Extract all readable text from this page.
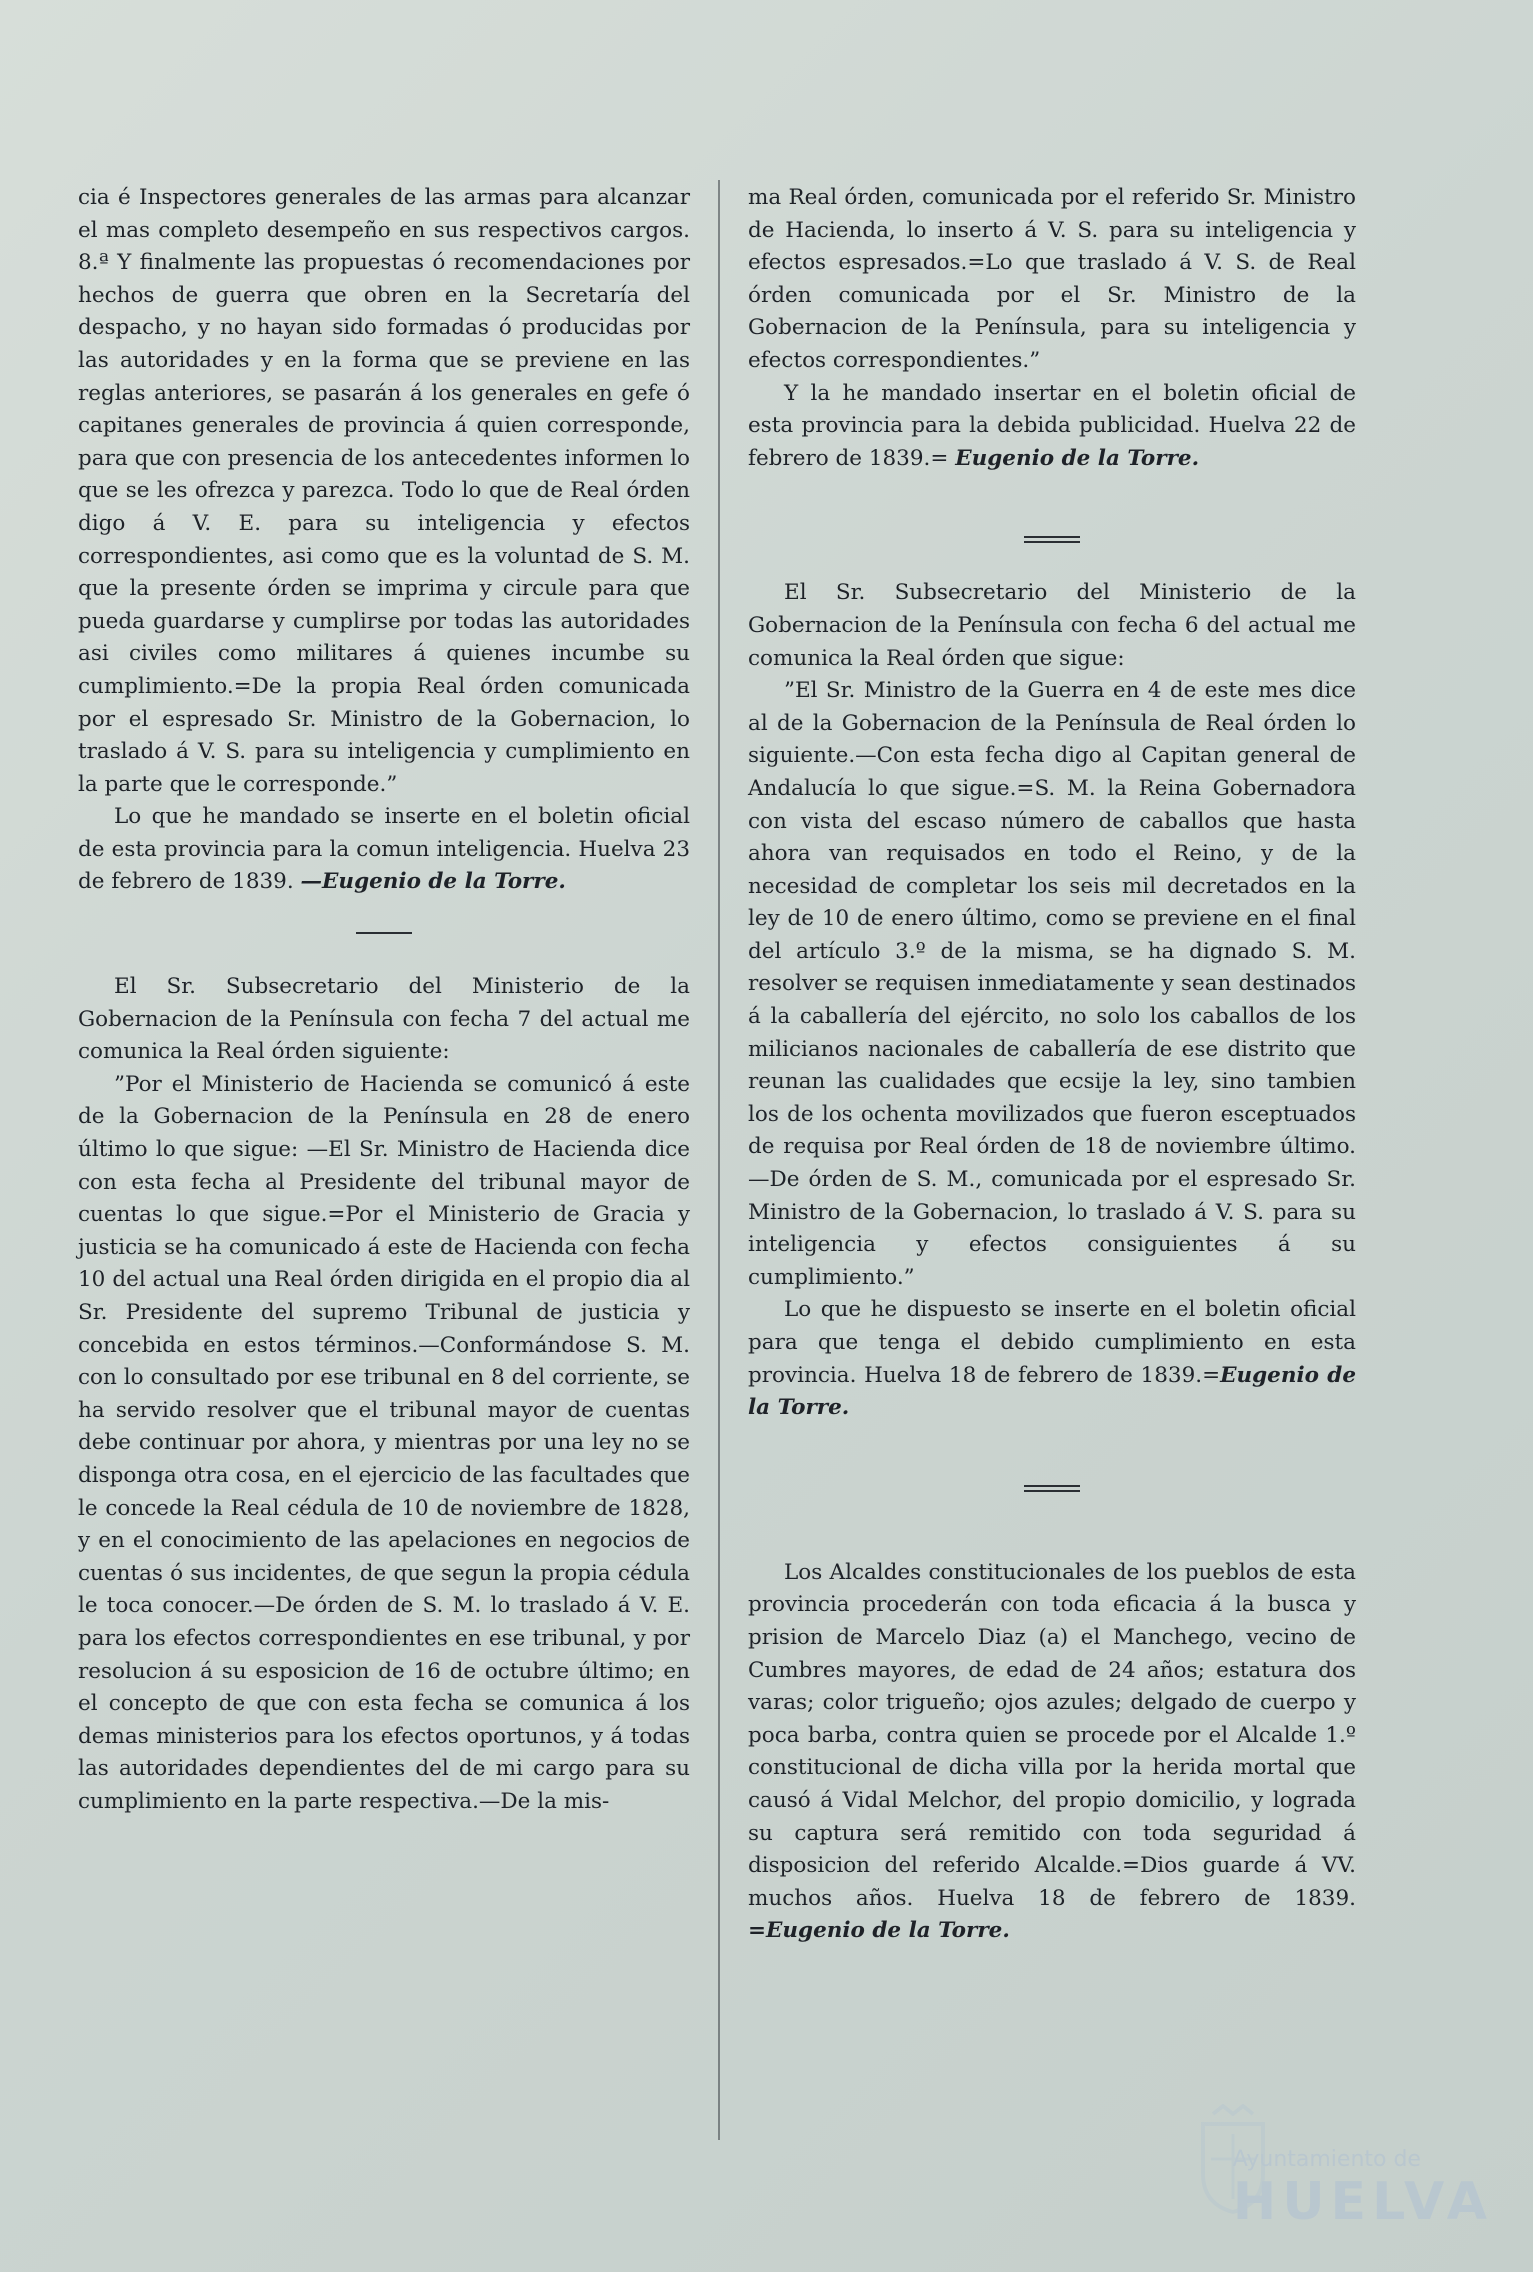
cia é Inspectores generales de las armas para alcanzar el mas completo desempeño en sus respectivos cargos. 8.ª Y finalmente las propuestas ó recomendaciones por hechos de guerra que obren en la Secretaría del despacho, y no hayan sido formadas ó producidas por las autoridades y en la forma que se previene en las reglas anteriores, se pasarán á los generales en gefe ó capitanes generales de provincia á quien corresponde, para que con presencia de los antecedentes informen lo que se les ofrezca y parezca. Todo lo que de Real órden digo á V. E. para su inteligencia y efectos correspondientes, asi como que es la voluntad de S. M. que la presente órden se imprima y circule para que pueda guardarse y cumplirse por todas las autoridades asi civiles como militares á quienes incumbe su cumplimiento.=De la propia Real órden comunicada por el espresado Sr. Ministro de la Gobernacion, lo traslado á V. S. para su inteligencia y cumplimiento en la parte que le corresponde.”

Lo que he mandado se inserte en el boletin oficial de esta provincia para la comun inteligencia. Huelva 23 de febrero de 1839. —Eugenio de la Torre.

El Sr. Subsecretario del Ministerio de la Gobernacion de la Península con fecha 7 del actual me comunica la Real órden siguiente:

”Por el Ministerio de Hacienda se comunicó á este de la Gobernacion de la Península en 28 de enero último lo que sigue: —El Sr. Ministro de Hacienda dice con esta fecha al Presidente del tribunal mayor de cuentas lo que sigue.=Por el Ministerio de Gracia y justicia se ha comunicado á este de Hacienda con fecha 10 del actual una Real órden dirigida en el propio dia al Sr. Presidente del supremo Tribunal de justicia y concebida en estos términos.—Conformándose S. M. con lo consultado por ese tribunal en 8 del corriente, se ha servido resolver que el tribunal mayor de cuentas debe continuar por ahora, y mientras por una ley no se disponga otra cosa, en el ejercicio de las facultades que le concede la Real cédula de 10 de noviembre de 1828, y en el conocimiento de las apelaciones en negocios de cuentas ó sus incidentes, de que segun la propia cédula le toca conocer.—De órden de S. M. lo traslado á V. E. para los efectos correspondientes en ese tribunal, y por resolucion á su esposicion de 16 de octubre último; en el concepto de que con esta fecha se comunica á los demas ministerios para los efectos oportunos, y á todas las autoridades dependientes del de mi cargo para su cumplimiento en la parte respectiva.—De la mis-

ma Real órden, comunicada por el referido Sr. Ministro de Hacienda, lo inserto á V. S. para su inteligencia y efectos espresados.=Lo que traslado á V. S. de Real órden comunicada por el Sr. Ministro de la Gobernacion de la Península, para su inteligencia y efectos correspondientes.”

Y la he mandado insertar en el boletin oficial de esta provincia para la debida publicidad. Huelva 22 de febrero de 1839.= Eugenio de la Torre.

El Sr. Subsecretario del Ministerio de la Gobernacion de la Península con fecha 6 del actual me comunica la Real órden que sigue:

”El Sr. Ministro de la Guerra en 4 de este mes dice al de la Gobernacion de la Península de Real órden lo siguiente.—Con esta fecha digo al Capitan general de Andalucía lo que sigue.=S. M. la Reina Gobernadora con vista del escaso número de caballos que hasta ahora van requisados en todo el Reino, y de la necesidad de completar los seis mil decretados en la ley de 10 de enero último, como se previene en el final del artículo 3.º de la misma, se ha dignado S. M. resolver se requisen inmediatamente y sean destinados á la caballería del ejército, no solo los caballos de los milicianos nacionales de caballería de ese distrito que reunan las cualidades que ecsije la ley, sino tambien los de los ochenta movilizados que fueron esceptuados de requisa por Real órden de 18 de noviembre último.—De órden de S. M., comunicada por el espresado Sr. Ministro de la Gobernacion, lo traslado á V. S. para su inteligencia y efectos consiguientes á su cumplimiento.”

Lo que he dispuesto se inserte en el boletin oficial para que tenga el debido cumplimiento en esta provincia. Huelva 18 de febrero de 1839.=Eugenio de la Torre.

Los Alcaldes constitucionales de los pueblos de esta provincia procederán con toda eficacia á la busca y prision de Marcelo Diaz (a) el Manchego, vecino de Cumbres mayores, de edad de 24 años; estatura dos varas; color trigueño; ojos azules; delgado de cuerpo y poca barba, contra quien se procede por el Alcalde 1.º constitucional de dicha villa por la herida mortal que causó á Vidal Melchor, del propio domicilio, y lograda su captura será remitido con toda seguridad á disposicion del referido Alcalde.=Dios guarde á VV. muchos años. Huelva 18 de febrero de 1839. =Eugenio de la Torre.

Ayuntamiento de
HUELVA
